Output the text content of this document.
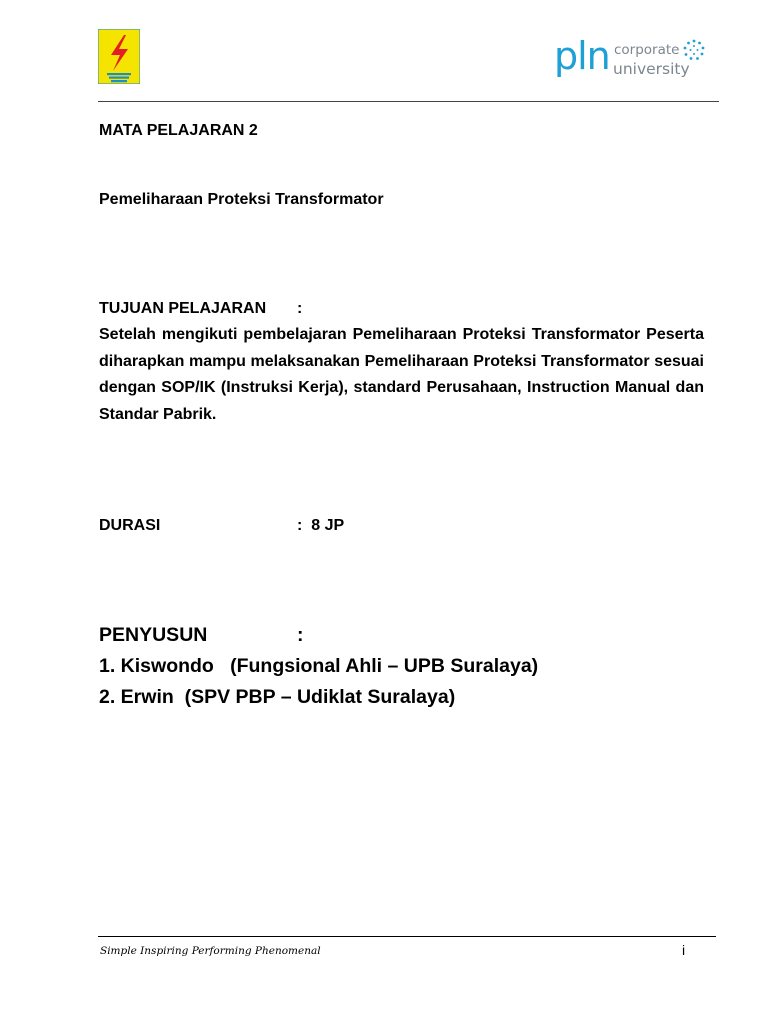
pln corporate
university
MATA PELAJARAN 2
Pemeliharaan Proteksi Transformator
TUJUAN PELAJARAN :
Setelah mengikuti pembelajaran Pemeliharaan Proteksi Transformator Peserta diharapkan mampu melaksanakan Pemeliharaan Proteksi Transformator sesuai dengan SOP/IK (Instruksi Kerja), standard Perusahaan, Instruction Manual dan Standar Pabrik.
DURASI	:  8 JP
PENYUSUN	:
1. Kiswondo   (Fungsional Ahli – UPB Suralaya)
2. Erwin  (SPV PBP – Udiklat Suralaya)
Simple Inspiring Performing Phenomenal	i
